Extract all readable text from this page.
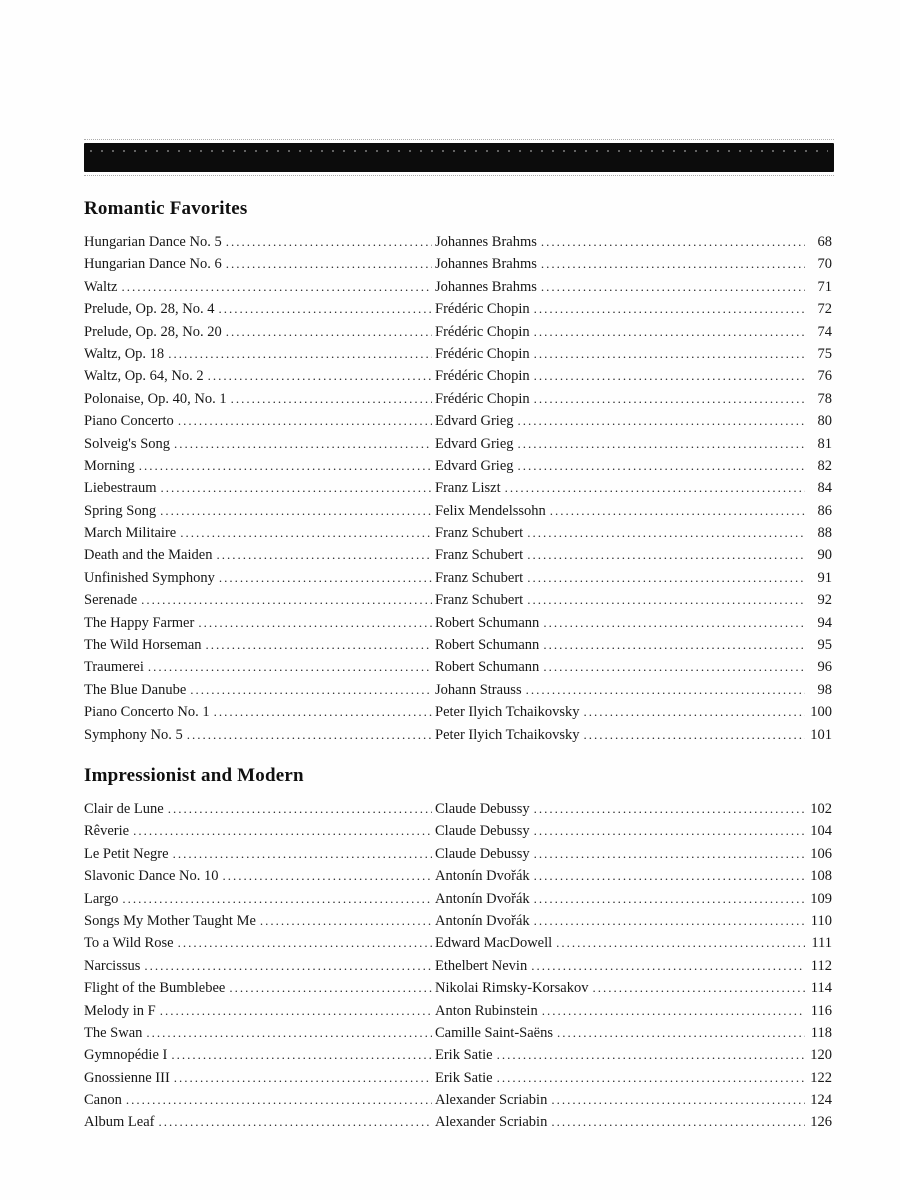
Romantic Favorites
Hungarian Dance No. 5 .....	Johannes Brahms .....	68
Hungarian Dance No. 6 .....	Johannes Brahms .....	70
Waltz .....	Johannes Brahms .....	71
Prelude, Op. 28, No. 4 .....	Frédéric Chopin .....	72
Prelude, Op. 28, No. 20 .....	Frédéric Chopin .....	74
Waltz, Op. 18 .....	Frédéric Chopin .....	75
Waltz, Op. 64, No. 2 .....	Frédéric Chopin .....	76
Polonaise, Op. 40, No. 1 .....	Frédéric Chopin .....	78
Piano Concerto .....	Edvard Grieg .....	80
Solveig's Song .....	Edvard Grieg .....	81
Morning .....	Edvard Grieg .....	82
Liebestraum .....	Franz Liszt .....	84
Spring Song .....	Felix Mendelssohn .....	86
March Militaire .....	Franz Schubert .....	88
Death and the Maiden .....	Franz Schubert .....	90
Unfinished Symphony .....	Franz Schubert .....	91
Serenade .....	Franz Schubert .....	92
The Happy Farmer .....	Robert Schumann .....	94
The Wild Horseman .....	Robert Schumann .....	95
Traumerei .....	Robert Schumann .....	96
The Blue Danube .....	Johann Strauss .....	98
Piano Concerto No. 1 .....	Peter Ilyich Tchaikovsky .....	100
Symphony No. 5 .....	Peter Ilyich Tchaikovsky .....	101
Impressionist and Modern
Clair de Lune .....	Claude Debussy .....	102
Rêverie .....	Claude Debussy .....	104
Le Petit Negre .....	Claude Debussy .....	106
Slavonic Dance No. 10 .....	Antonín Dvořák .....	108
Largo .....	Antonín Dvořák .....	109
Songs My Mother Taught Me .....	Antonín Dvořák .....	110
To a Wild Rose .....	Edward MacDowell .....	111
Narcissus .....	Ethelbert Nevin .....	112
Flight of the Bumblebee .....	Nikolai Rimsky-Korsakov .....	114
Melody in F .....	Anton Rubinstein .....	116
The Swan .....	Camille Saint-Saëns .....	118
Gymnopédie I .....	Erik Satie .....	120
Gnossienne III .....	Erik Satie .....	122
Canon .....	Alexander Scriabin .....	124
Album Leaf .....	Alexander Scriabin .....	126
